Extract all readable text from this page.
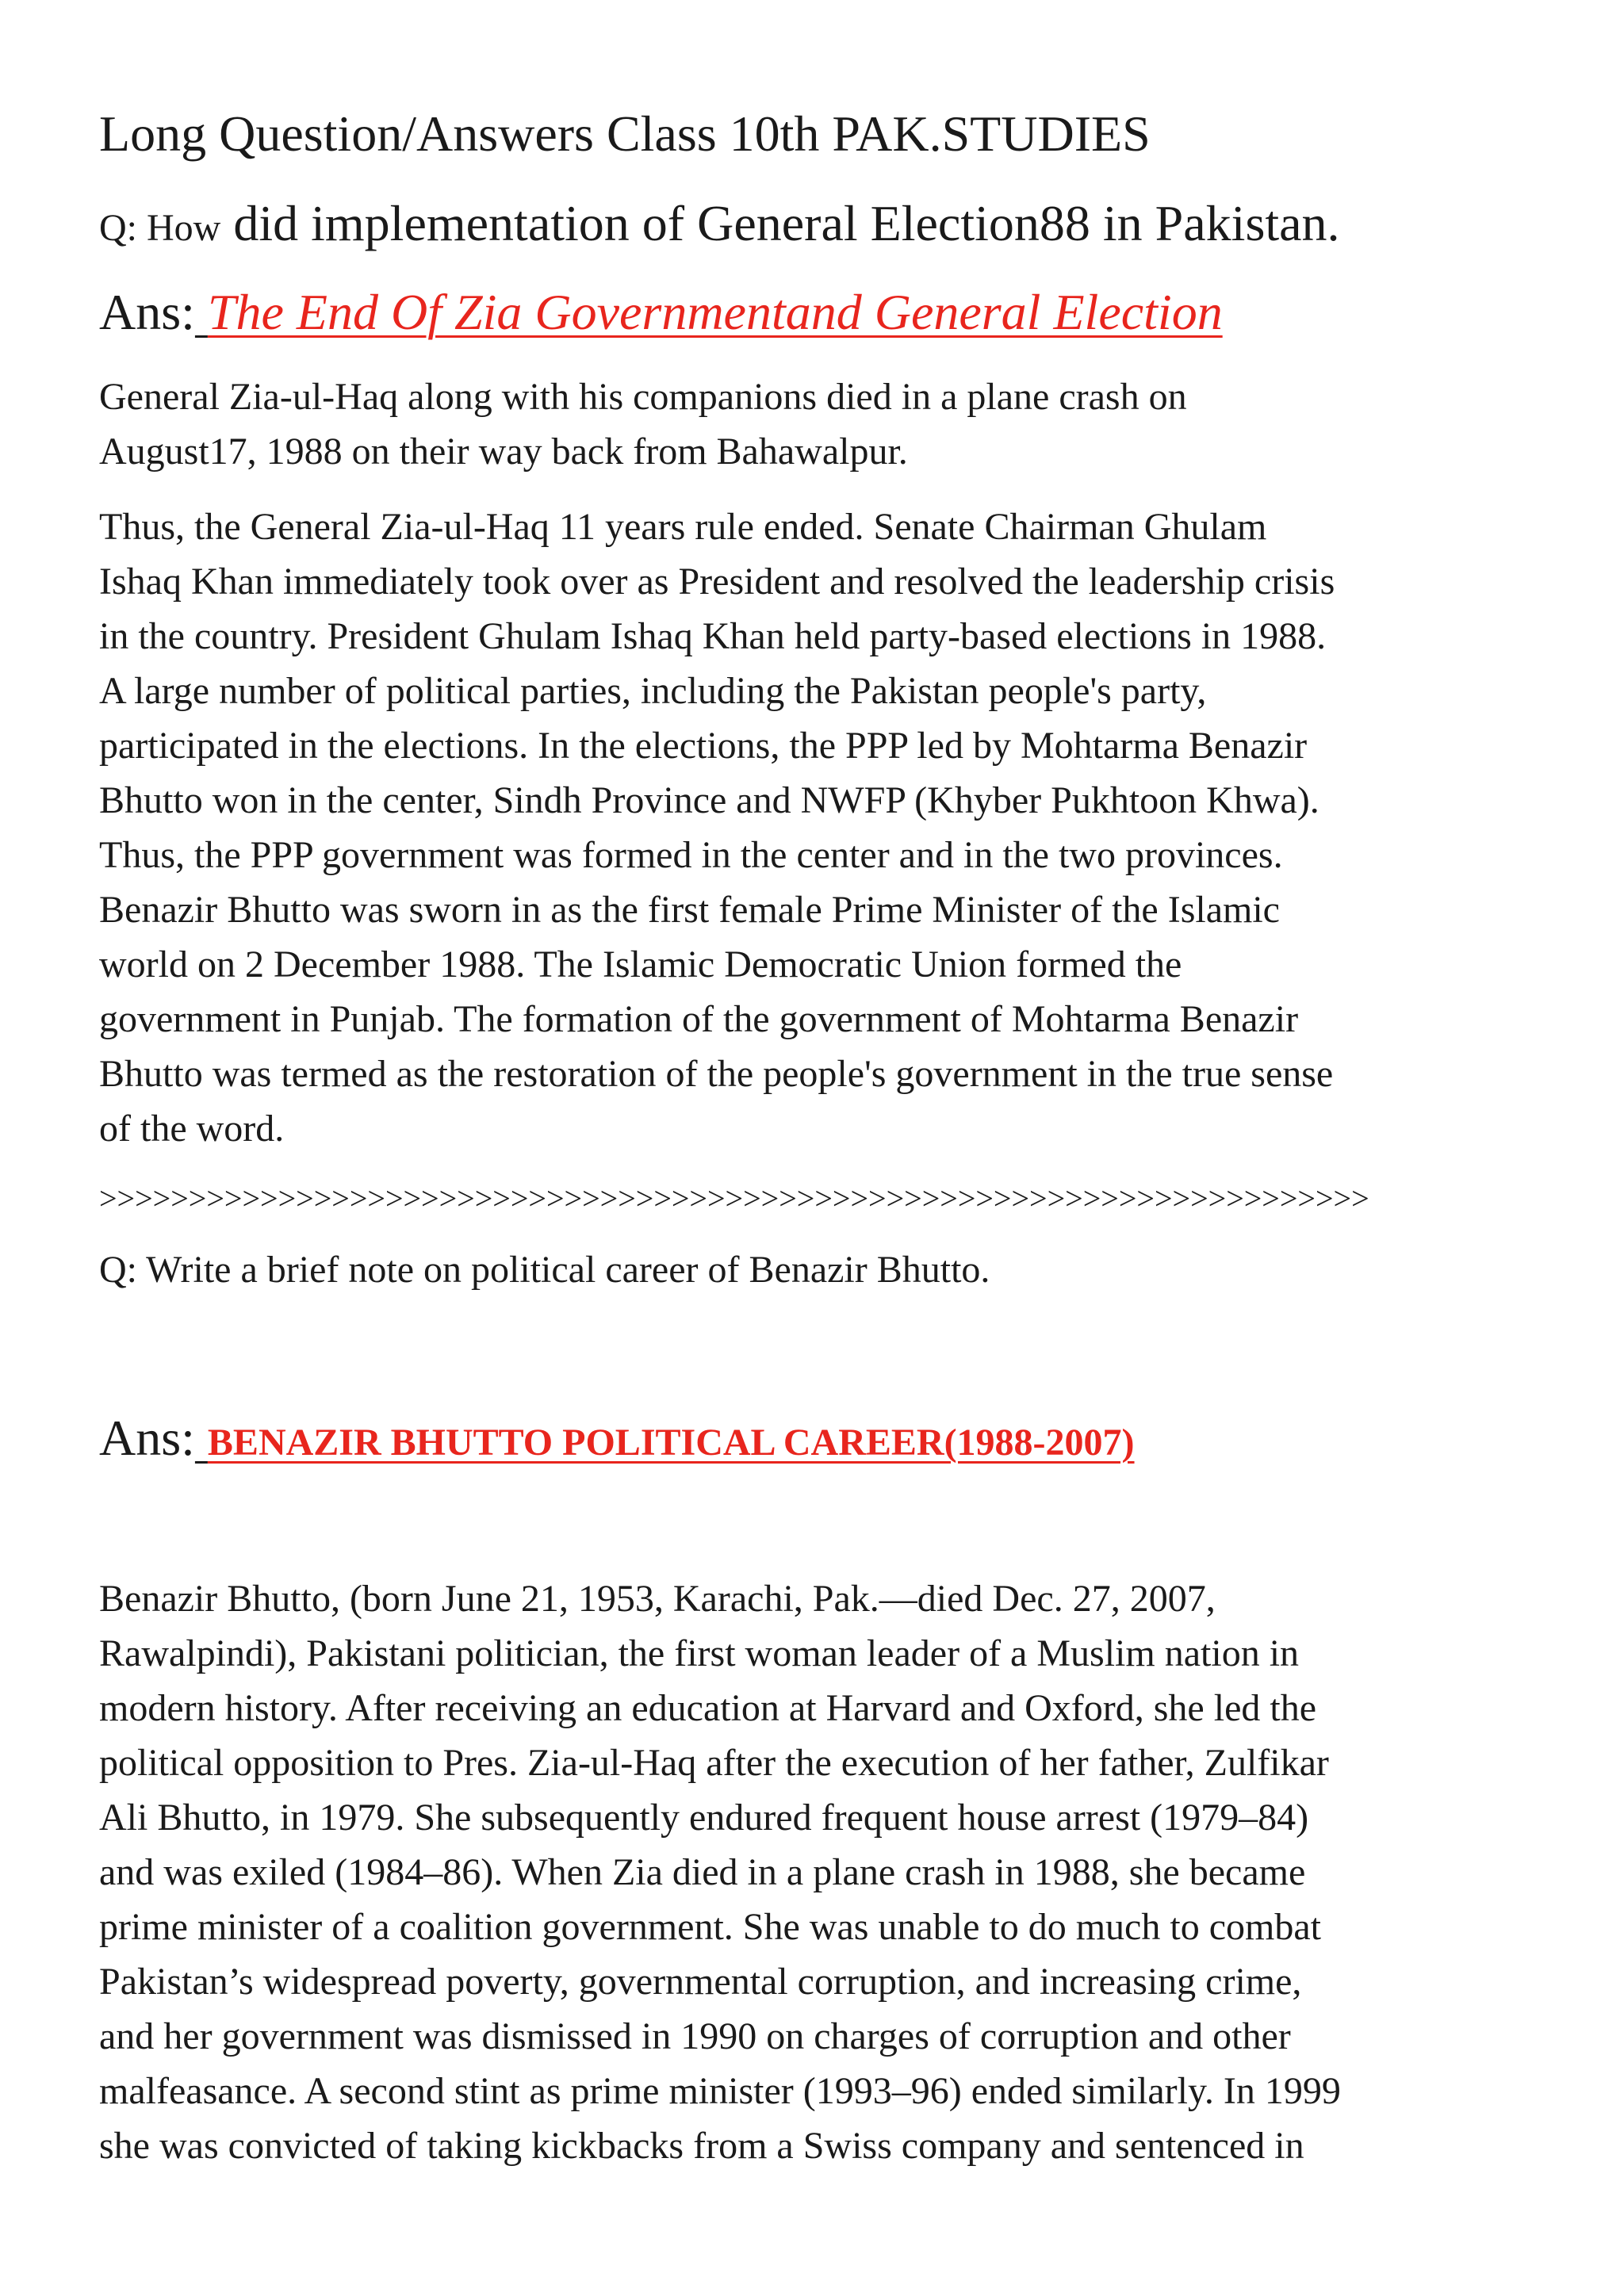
Long Question/Answers Class 10th PAK.STUDIES
Q: How did implementation of General Election88 in Pakistan.
Ans: The End Of Zia Governmentand General Election
General Zia-ul-Haq along with his companions died in a plane crash on
August17, 1988 on their way back from Bahawalpur.
Thus, the General Zia-ul-Haq 11 years rule ended. Senate Chairman Ghulam
Ishaq Khan immediately took over as President and resolved the leadership crisis
in the country. President Ghulam Ishaq Khan held party-based elections in 1988.
A large number of political parties, including the Pakistan people's party,
participated in the elections. In the elections, the PPP led by Mohtarma Benazir
Bhutto won in the center, Sindh Province and NWFP (Khyber Pukhtoon Khwa).
Thus, the PPP government was formed in the center and in the two provinces.
Benazir Bhutto was sworn in as the first female Prime Minister of the Islamic
world on 2 December 1988. The Islamic Democratic Union formed the
government in Punjab. The formation of the government of Mohtarma Benazir
Bhutto was termed as the restoration of the people's government in the true sense
of the word.
>>>>>>>>>>>>>>>>>>>>>>>>>>>>>>>>>>>>>>>>>>>>>>>>>>>>>>>>>>>>>>>>>>>>>>>
Q: Write a brief note on political career of Benazir Bhutto.
Ans: BENAZIR BHUTTO POLITICAL CAREER(1988-2007)
Benazir Bhutto, (born June 21, 1953, Karachi, Pak.—died Dec. 27, 2007,
Rawalpindi), Pakistani politician, the first woman leader of a Muslim nation in
modern history. After receiving an education at Harvard and Oxford, she led the
political opposition to Pres. Zia-ul-Haq after the execution of her father, Zulfikar
Ali Bhutto, in 1979. She subsequently endured frequent house arrest (1979–84)
and was exiled (1984–86). When Zia died in a plane crash in 1988, she became
prime minister of a coalition government. She was unable to do much to combat
Pakistan’s widespread poverty, governmental corruption, and increasing crime,
and her government was dismissed in 1990 on charges of corruption and other
malfeasance. A second stint as prime minister (1993–96) ended similarly. In 1999
she was convicted of taking kickbacks from a Swiss company and sentenced in
